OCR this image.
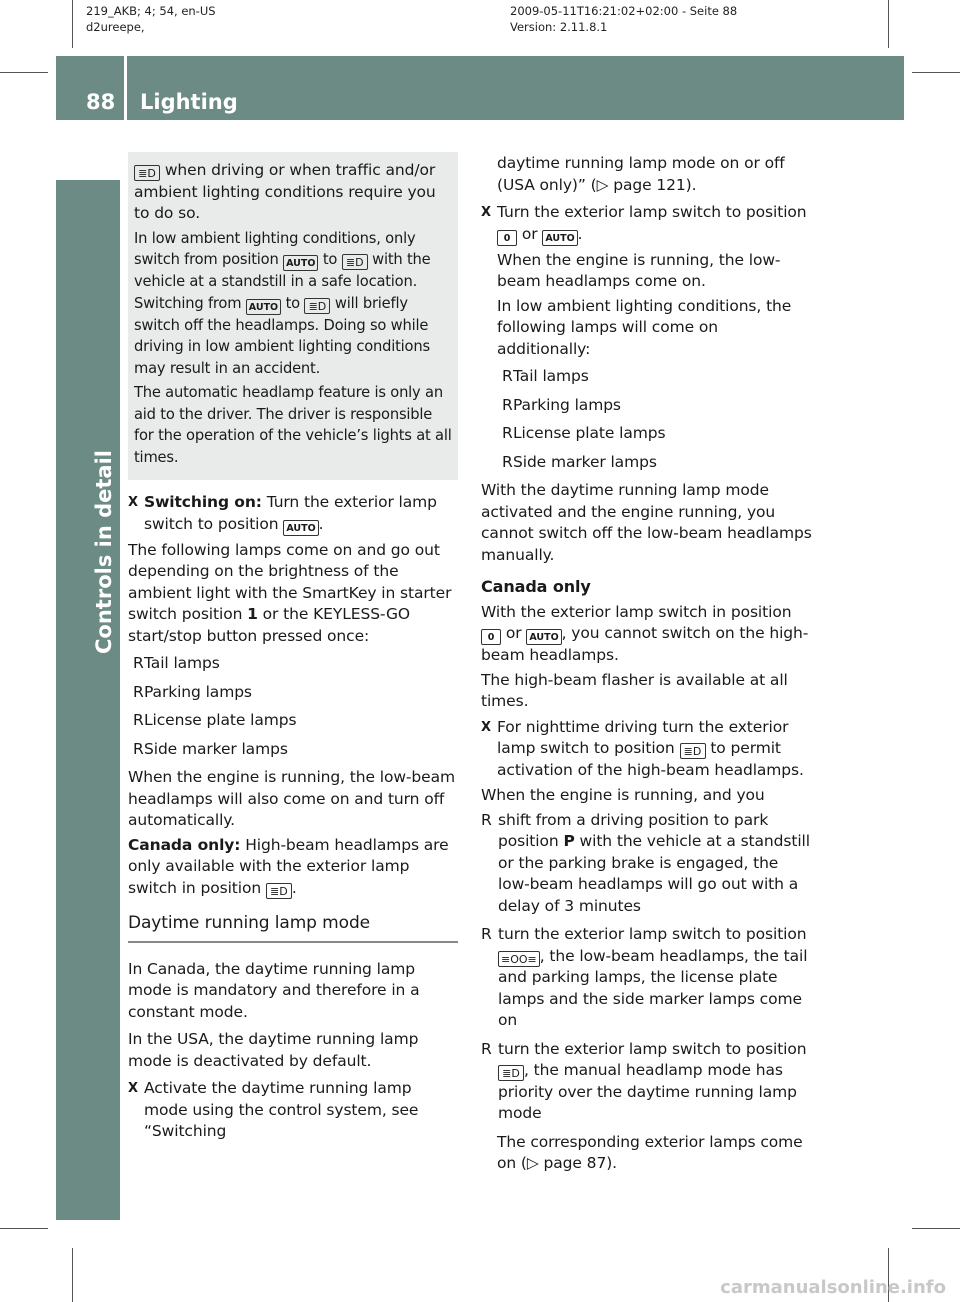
219_AKB; 4; 54, en-US
d2ureepe,
2009-05-11T16:21:02+02:00 - Seite 88
Version: 2.11.8.1
88 Lighting
Controls in detail

≣D when driving or when traffic and/or ambient lighting conditions require you to do so.

In low ambient lighting conditions, only switch from position AUTO to ≣D with the vehicle at a standstill in a safe location. Switching from AUTO to ≣D will briefly switch off the headlamps. Doing so while driving in low ambient lighting conditions may result in an accident.

The automatic headlamp feature is only an aid to the driver. The driver is responsible for the operation of the vehicle’s lights at all times.

X Switching on: Turn the exterior lamp switch to position AUTO .

The following lamps come on and go out depending on the brightness of the ambient light with the SmartKey in starter switch position 1 or the KEYLESS-GO start/stop button pressed once:

R Tail lamps
R Parking lamps
R License plate lamps
R Side marker lamps

When the engine is running, the low-beam headlamps will also come on and turn off automatically.

Canada only: High-beam headlamps are only available with the exterior lamp switch in position ≣D .

Daytime running lamp mode

In Canada, the daytime running lamp mode is mandatory and therefore in a constant mode.

In the USA, the daytime running lamp mode is deactivated by default.

X Activate the daytime running lamp mode using the control system, see “Switching

daytime running lamp mode on or off (USA only)” (▷ page 121).

X Turn the exterior lamp switch to position 0 or AUTO .

When the engine is running, the low-beam headlamps come on.

In low ambient lighting conditions, the following lamps will come on additionally:

R Tail lamps
R Parking lamps
R License plate lamps
R Side marker lamps

With the daytime running lamp mode activated and the engine running, you cannot switch off the low-beam headlamps manually.

Canada only

With the exterior lamp switch in position 0 or AUTO , you cannot switch on the high-beam headlamps.

The high-beam flasher is available at all times.

X For nighttime driving turn the exterior lamp switch to position ≣D to permit activation of the high-beam headlamps.

When the engine is running, and you

R shift from a driving position to park position P with the vehicle at a standstill or the parking brake is engaged, the low-beam headlamps will go out with a delay of 3 minutes
R turn the exterior lamp switch to position ≡OO≡ , the low-beam headlamps, the tail and parking lamps, the license plate lamps and the side marker lamps come on
R turn the exterior lamp switch to position ≣D , the manual headlamp mode has priority over the daytime running lamp mode

The corresponding exterior lamps come on (▷ page 87).

carmanualsonline.info
